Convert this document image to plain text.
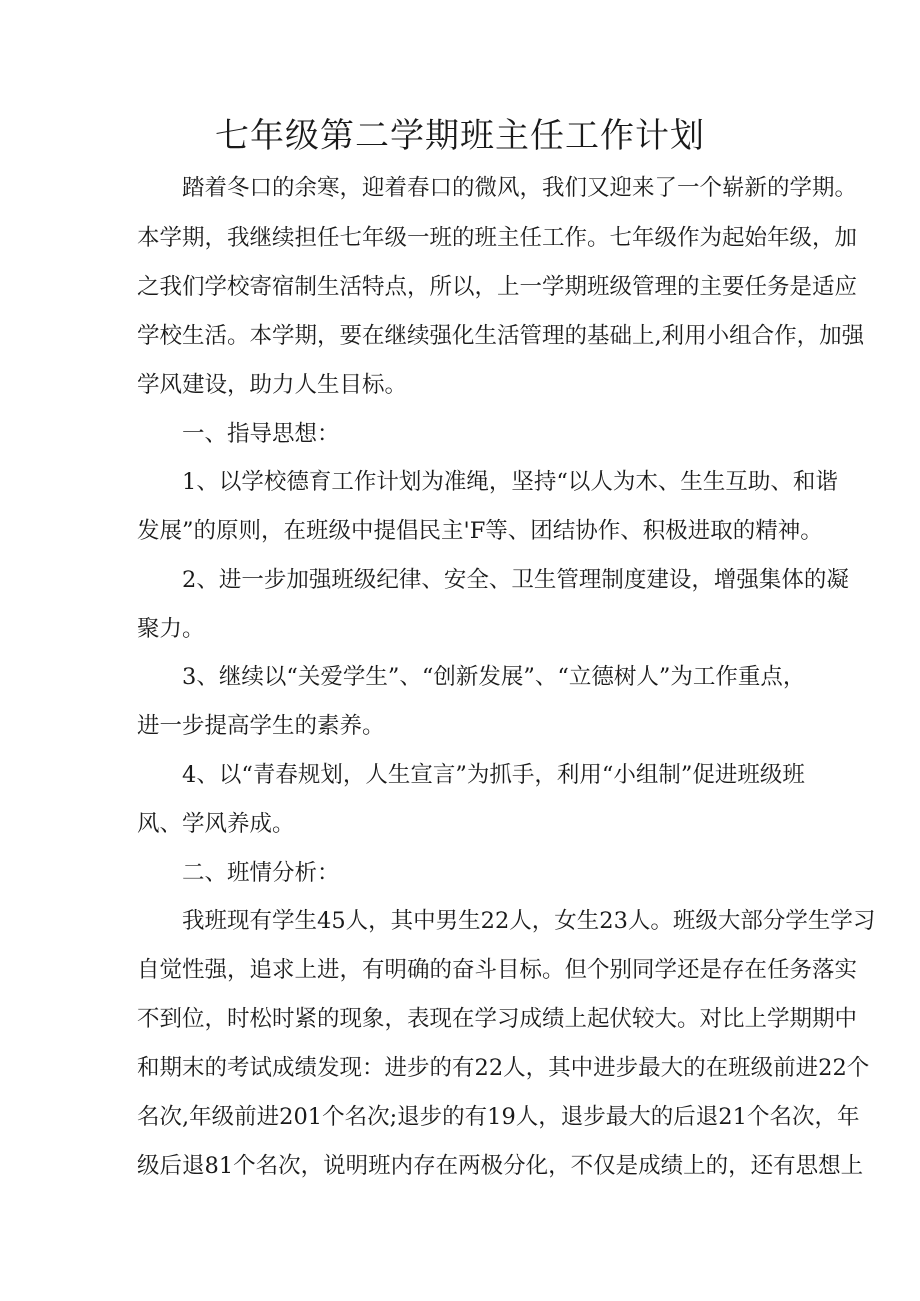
七年级第二学期班主任工作计划
踏着冬口的余寒，迎着春口的微风，我们又迎来了一个崭新的学期。
本学期，我继续担任七年级一班的班主任工作。七年级作为起始年级，加
之我们学校寄宿制生活特点，所以，上一学期班级管理的主要任务是适应
学校生活。本学期，要在继续强化生活管理的基础上,利用小组合作，加强
学风建设，助力人生目标。
一、指导思想：
1、以学校德育工作计划为准绳，坚持“以人为木、生生互助、和谐
发展”的原则，在班级中提倡民主'F等、团结协作、积极进取的精神。
2、进一步加强班级纪律、安全、卫生管理制度建设，增强集体的凝
聚力。
3、继续以“关爱学生”、“创新发展”、“立德树人”为工作重点，
进一步提高学生的素养。
4、以“青春规划，人生宣言”为抓手，利用“小组制”促进班级班
风、学风养成。
二、班情分析：
我班现有学生45人，其中男生22人，女生23人。班级大部分学生学习
自觉性强，追求上进，有明确的奋斗目标。但个别同学还是存在任务落实
不到位，时松时紧的现象，表现在学习成绩上起伏较大。对比上学期期中
和期末的考试成绩发现：进步的有22人，其中进步最大的在班级前进22个
名次,年级前进201个名次;退步的有19人，退步最大的后退21个名次，年
级后退81个名次，说明班内存在两极分化，不仅是成绩上的，还有思想上
